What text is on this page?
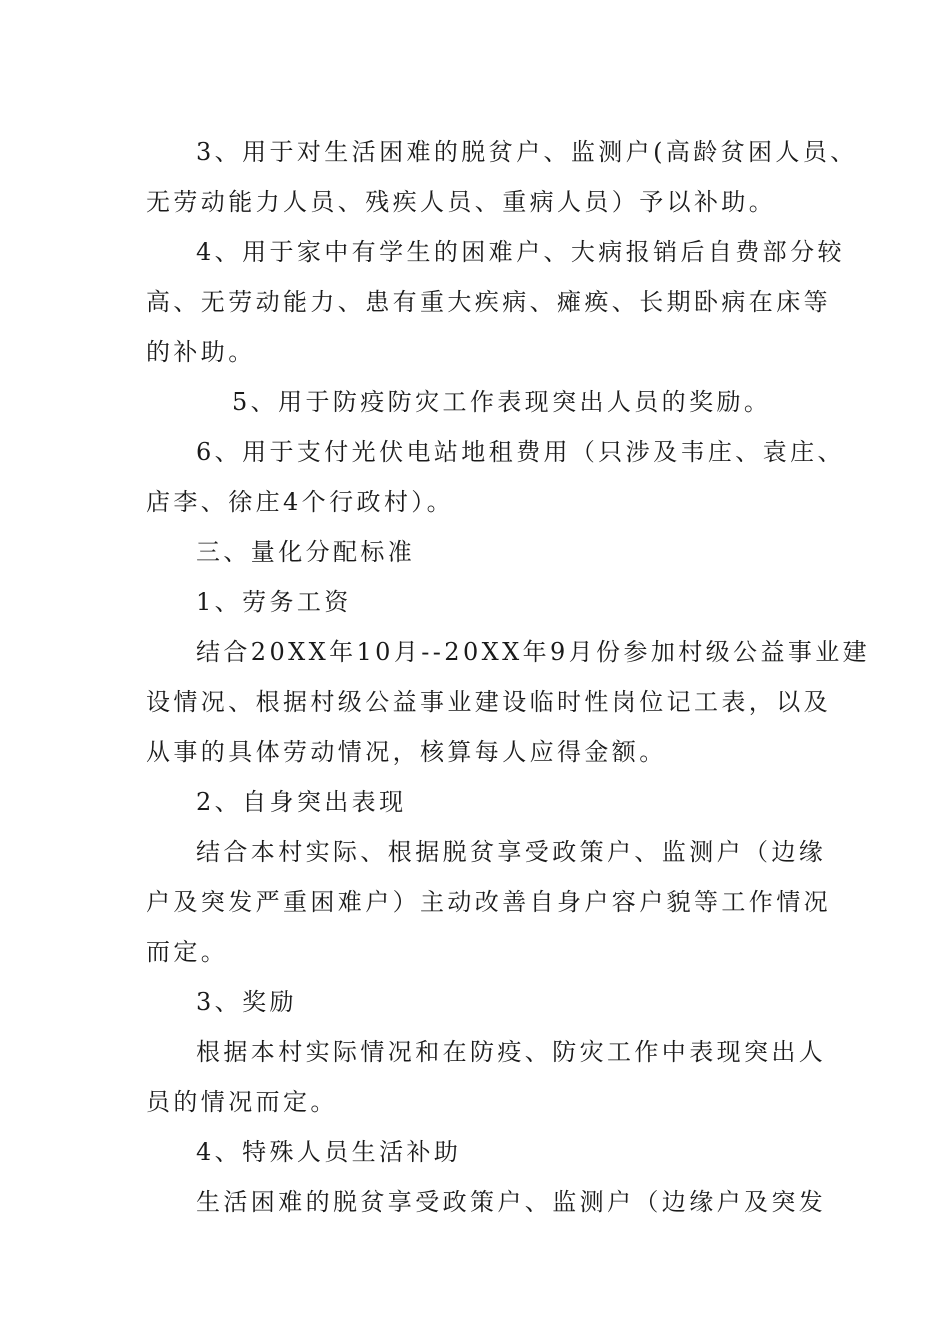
3、用于对生活困难的脱贫户、监测户(高龄贫困人员、
无劳动能力人员、残疾人员、重病人员）予以补助。
4、用于家中有学生的困难户、大病报销后自费部分较
高、无劳动能力、患有重大疾病、瘫痪、长期卧病在床等
的补助。
5、用于防疫防灾工作表现突出人员的奖励。
6、用于支付光伏电站地租费用（只涉及韦庄、袁庄、
店李、徐庄4个行政村）。
三、量化分配标准
1、劳务工资
结合20XX年10月--20XX年9月份参加村级公益事业建
设情况、根据村级公益事业建设临时性岗位记工表，以及
从事的具体劳动情况，核算每人应得金额。
2、自身突出表现
结合本村实际、根据脱贫享受政策户、监测户（边缘
户及突发严重困难户）主动改善自身户容户貌等工作情况
而定。
3、奖励
根据本村实际情况和在防疫、防灾工作中表现突出人
员的情况而定。
4、特殊人员生活补助
生活困难的脱贫享受政策户、监测户（边缘户及突发
